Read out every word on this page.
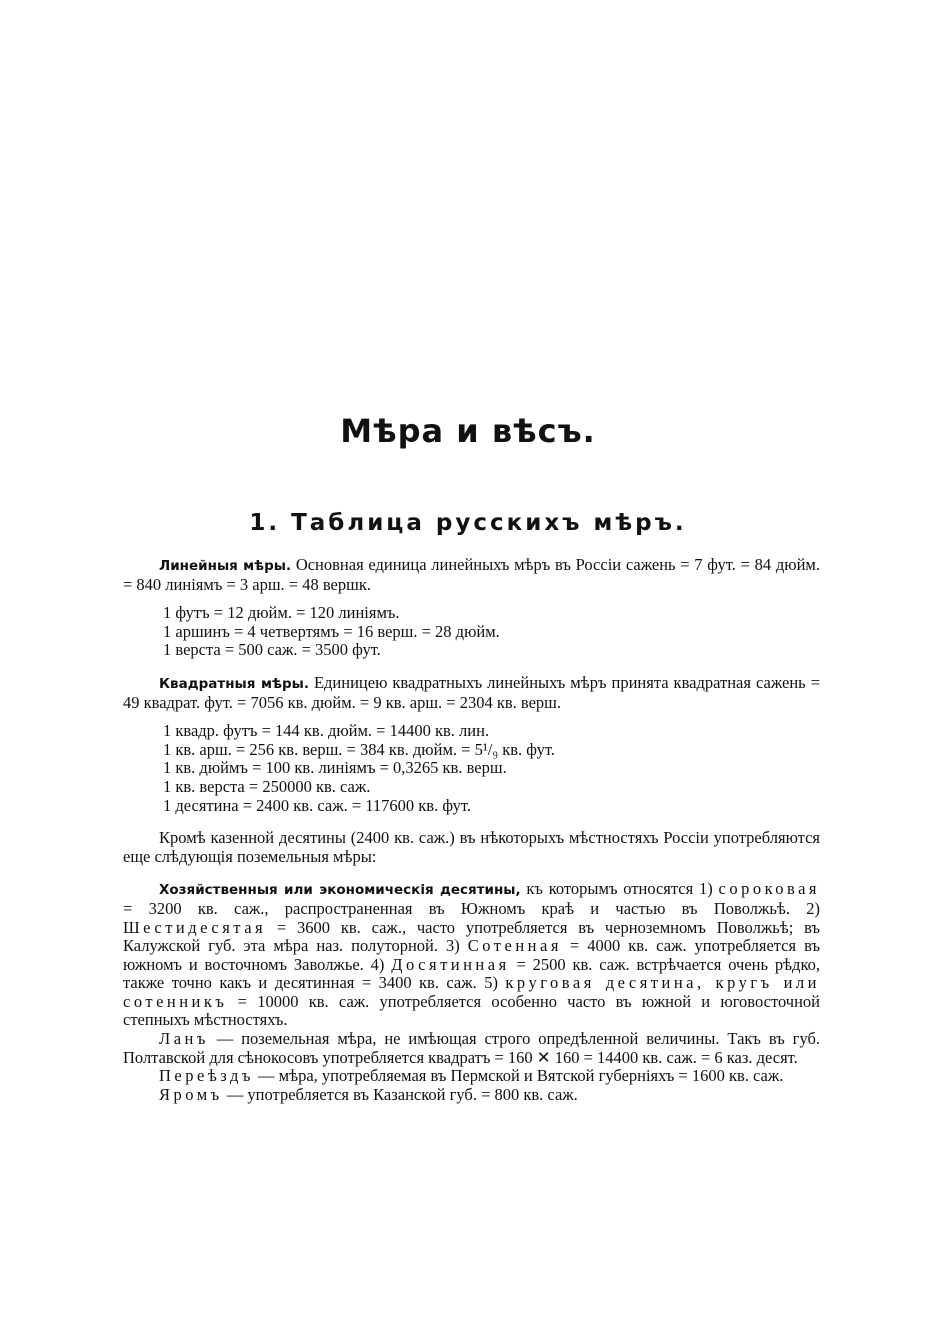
Мѣра и вѣсъ.
1. Таблица русскихъ мѣръ.

Линейныя мѣры. Основная единица линейныхъ мѣръ въ Россіи сажень = 7 фут. = 84 дюйм. = 840 линіямъ = 3 арш. = 48 вершк.

1 футъ = 12 дюйм. = 120 линіямъ.
1 аршинъ = 4 четвертямъ = 16 верш. = 28 дюйм.
1 верста = 500 саж. = 3500 фут.

Квадратныя мѣры. Единицею квадратныхъ линейныхъ мѣръ принята квадратная сажень = 49 квадрат. фут. = 7056 кв. дюйм. = 9 кв. арш. = 2304 кв. верш.

1 квадр. футъ = 144 кв. дюйм. = 14400 кв. лин.
1 кв. арш. = 256 кв. верш. = 384 кв. дюйм. = 5¹/₉ кв. фут.
1 кв. дюймъ = 100 кв. линіямъ = 0,3265 кв. верш.
1 кв. верста = 250000 кв. саж.
1 десятина = 2400 кв. саж. = 117600 кв. фут.

Кромѣ казенной десятины (2400 кв. саж.) въ нѣкоторыхъ мѣстностяхъ Россіи употребляются еще слѣдующія поземельныя мѣры:

Хозяйственныя или экономическія десятины, къ которымъ относятся 1) сороковая = 3200 кв. саж., распространенная въ Южномъ краѣ и частью въ Поволжьѣ. 2) Шестидесятая = 3600 кв. саж., часто употребляется въ черноземномъ Поволжьѣ; въ Калужской губ. эта мѣра наз. полуторной. 3) Сотенная = 4000 кв. саж. употребляется въ южномъ и восточномъ Заволжье. 4) Досятинная = 2500 кв. саж. встрѣчается очень рѣдко, также точно какъ и десятинная = 3400 кв. саж. 5) круговая десятина, кругъ или сотенникъ = 10000 кв. саж. употребляется особенно часто въ южной и юговосточной степныхъ мѣстностяхъ.

Ланъ — поземельная мѣра, не имѣющая строго опредѣленной величины. Такъ въ губ. Полтавской для сѣнокосовъ употребляется квадратъ = 160 ✕ 160 = 14400 кв. саж. = 6 каз. десят.

Переѣздъ — мѣра, употребляемая въ Пермской и Вятской губерніяхъ = 1600 кв. саж.

Яромъ — употребляется въ Казанской губ. = 800 кв. саж.
